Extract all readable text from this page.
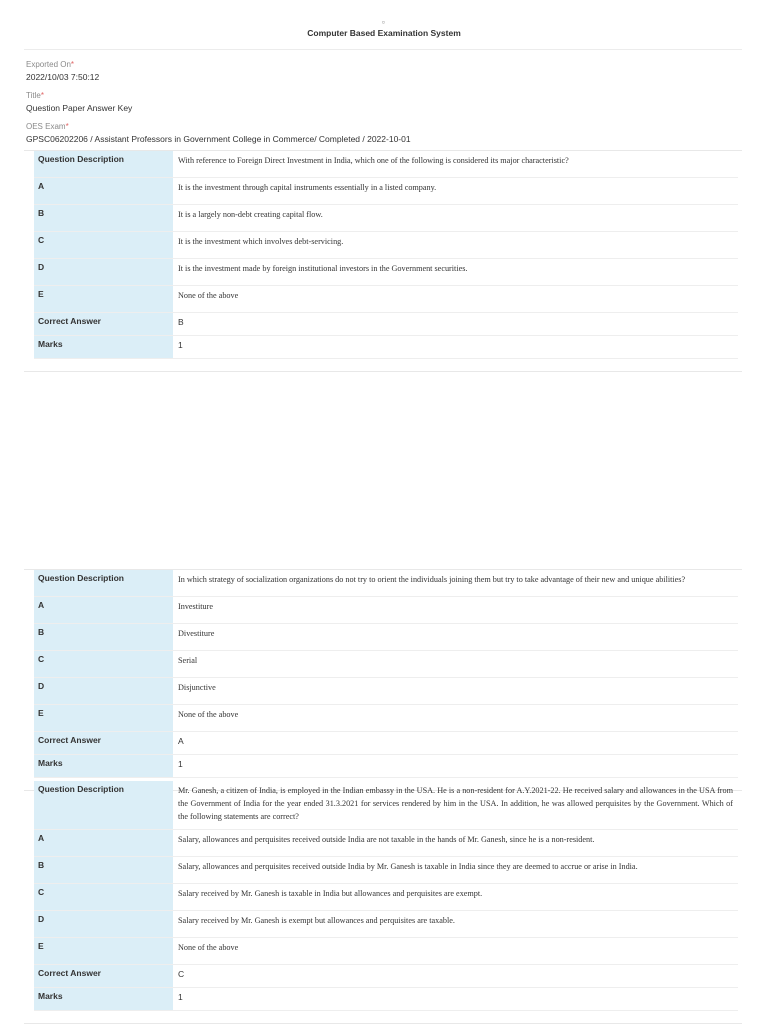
¤
Computer Based Examination System
Exported On*
2022/10/03 7:50:12
Title*
Question Paper Answer Key
OES Exam*
GPSC06202206 / Assistant Professors in Government College in Commerce/ Completed / 2022-10-01
Question Description	With reference to Foreign Direct Investment in India, which one of the following is considered its major characteristic?
A	It is the investment through capital instruments essentially in a listed company.
B	It is a largely non-debt creating capital flow.
C	It is the investment which involves debt-servicing.
D	It is the investment made by foreign institutional investors in the Government securities.
E	None of the above
Correct Answer	B
Marks	1
Question Description	In which strategy of socialization organizations do not try to orient the individuals joining them but try to take advantage of their new and unique abilities?
A	Investiture
B	Divestiture
C	Serial
D	Disjunctive
E	None of the above
Correct Answer	A
Marks	1
Question Description	Mr. Ganesh, a citizen of India, is employed in the Indian embassy in the USA. He is a non-resident for A.Y.2021-22. He received salary and allowances in the USA from the Government of India for the year ended 31.3.2021 for services rendered by him in the USA. In addition, he was allowed perquisites by the Government. Which of the following statements are correct?
A	Salary, allowances and perquisites received outside India are not taxable in the hands of Mr. Ganesh, since he is a non-resident.
B	Salary, allowances and perquisites received outside India by Mr. Ganesh is taxable in India since they are deemed to accrue or arise in India.
C	Salary received by Mr. Ganesh is taxable in India but allowances and perquisites are exempt.
D	Salary received by Mr. Ganesh is exempt but allowances and perquisites are taxable.
E	None of the above
Correct Answer	C
Marks	1
